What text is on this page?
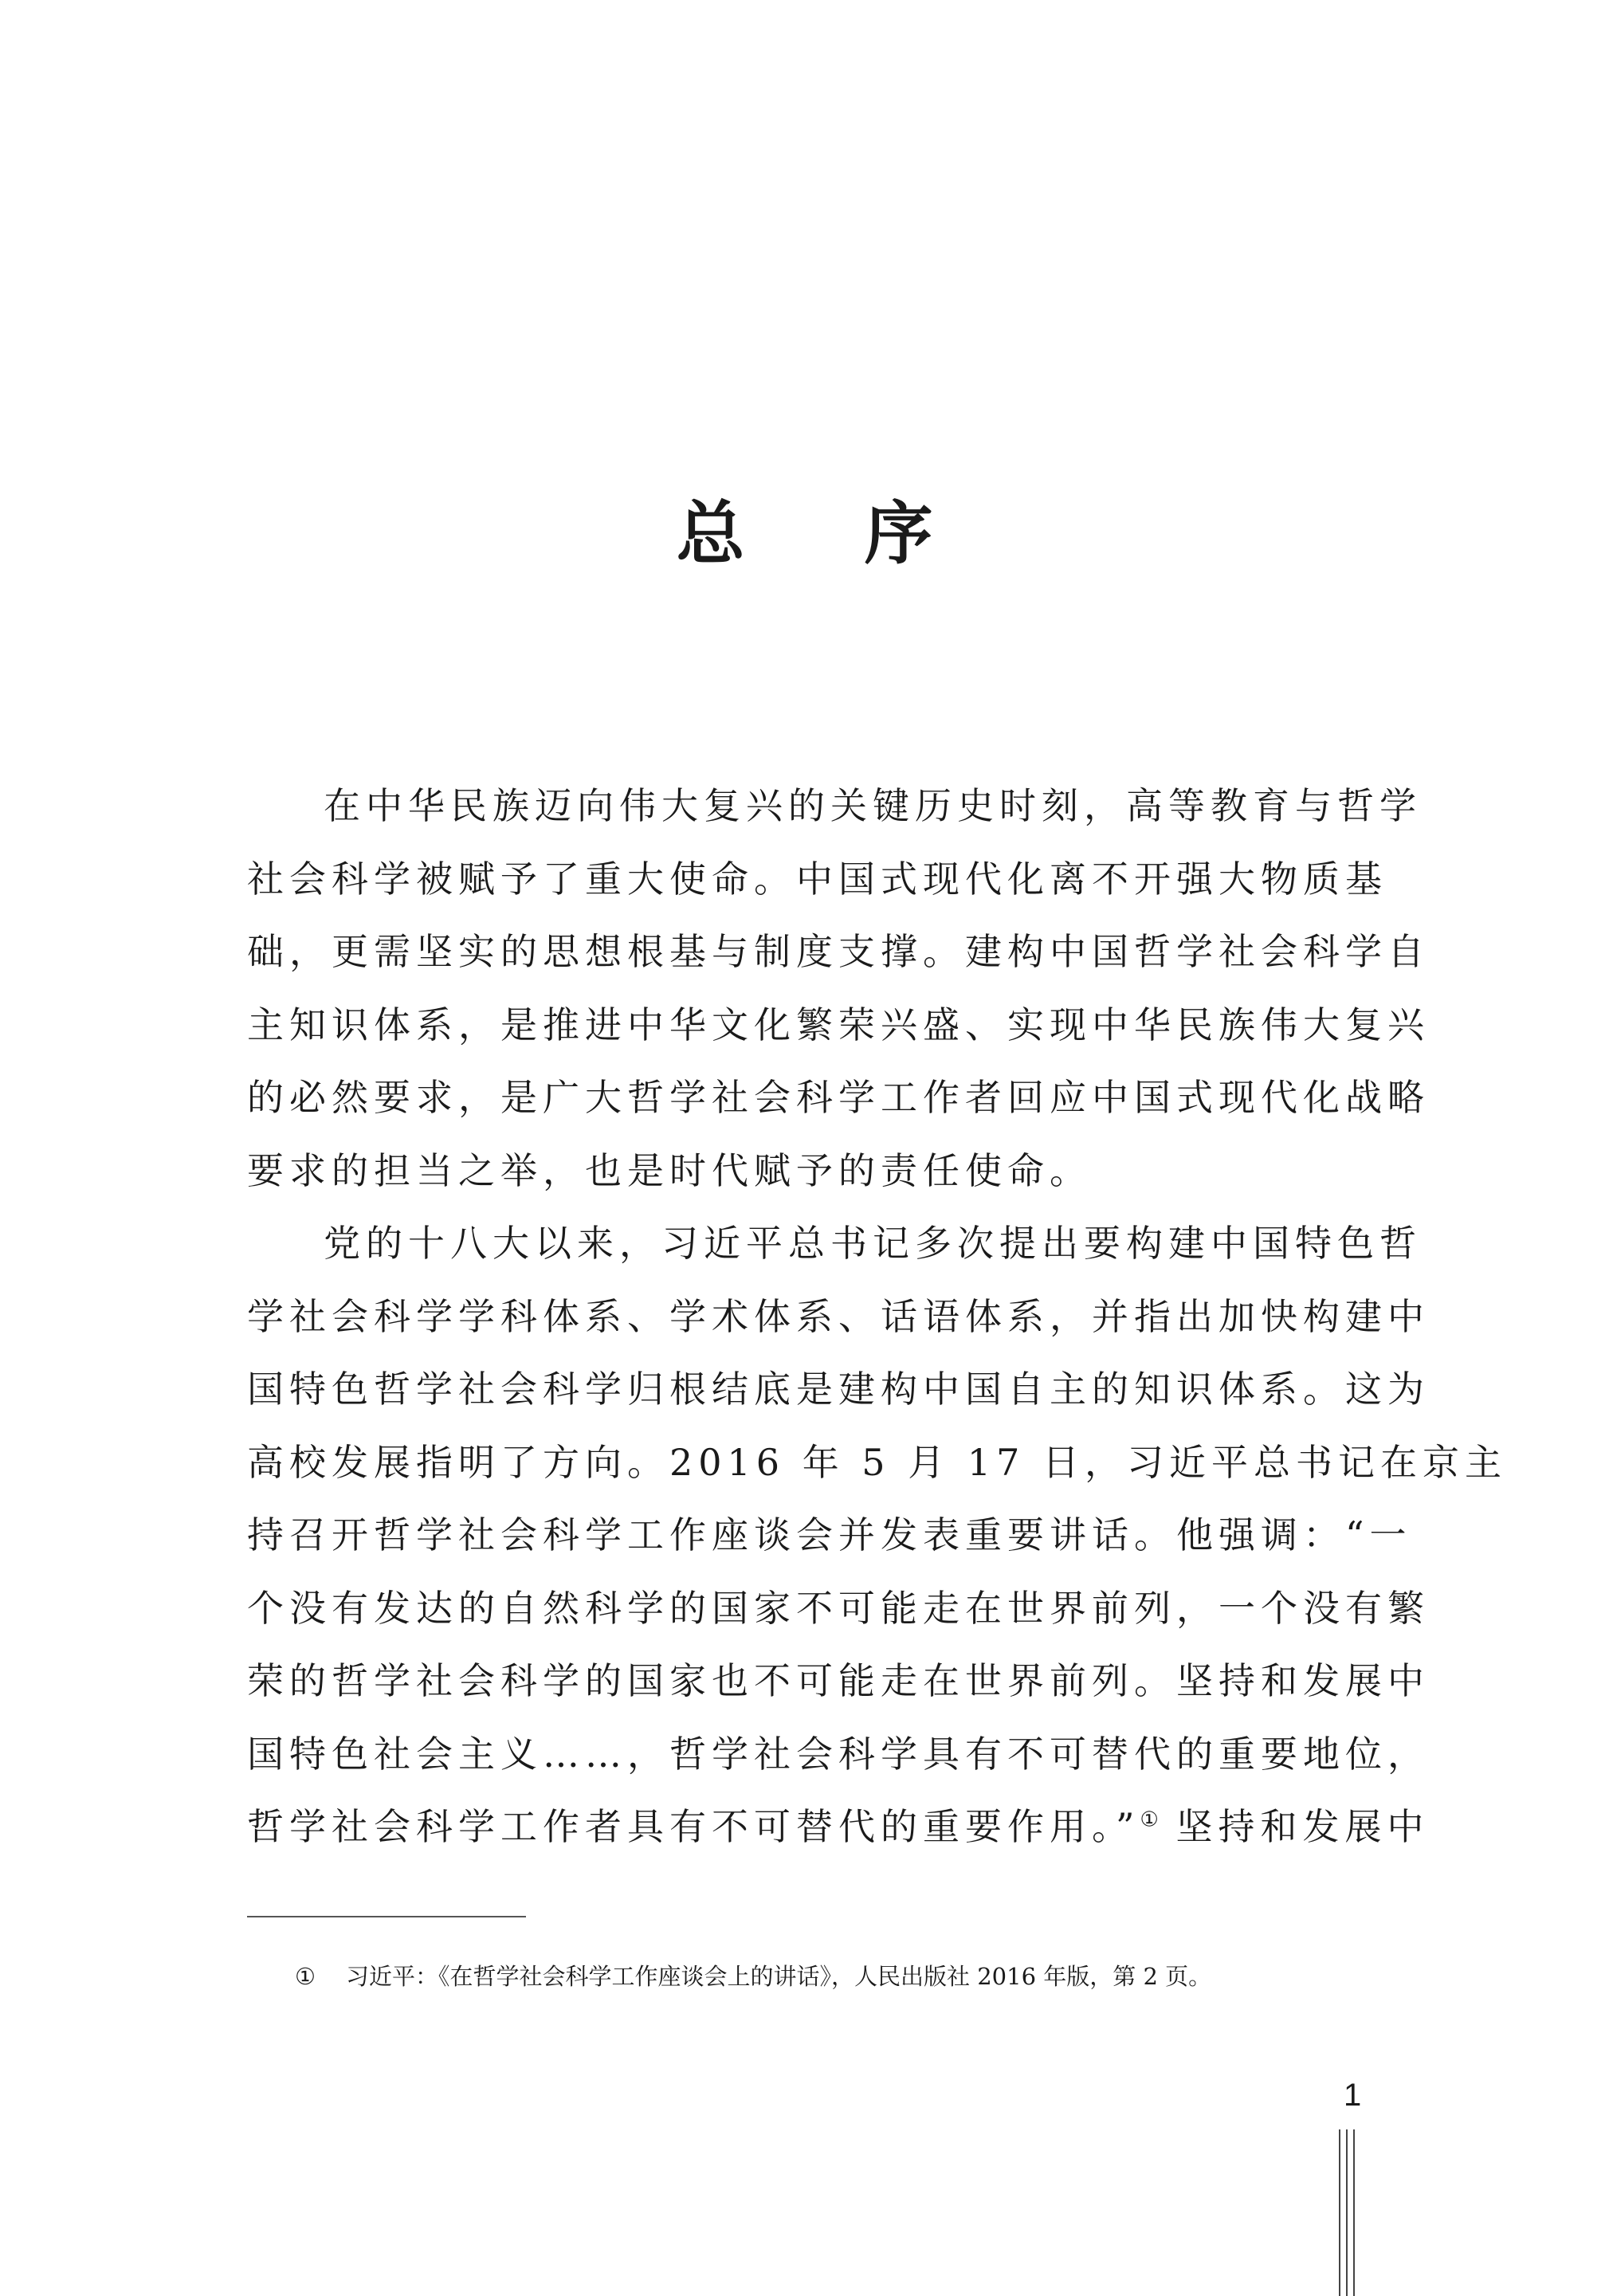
总 序
在中华民族迈向伟大复兴的关键历史时刻，高等教育与哲学
社会科学被赋予了重大使命。中国式现代化离不开强大物质基
础，更需坚实的思想根基与制度支撑。建构中国哲学社会科学自
主知识体系，是推进中华文化繁荣兴盛、实现中华民族伟大复兴
的必然要求，是广大哲学社会科学工作者回应中国式现代化战略
要求的担当之举，也是时代赋予的责任使命。
党的十八大以来，习近平总书记多次提出要构建中国特色哲
学社会科学学科体系、学术体系、话语体系，并指出加快构建中
国特色哲学社会科学归根结底是建构中国自主的知识体系。这为
高校发展指明了方向。2016 年 5 月 17 日，习近平总书记在京主
持召开哲学社会科学工作座谈会并发表重要讲话。他强调：“一
个没有发达的自然科学的国家不可能走在世界前列，一个没有繁
荣的哲学社会科学的国家也不可能走在世界前列。坚持和发展中
国特色社会主义……，哲学社会科学具有不可替代的重要地位，
哲学社会科学工作者具有不可替代的重要作用。”① 坚持和发展中
① 习近平：《在哲学社会科学工作座谈会上的讲话》，人民出版社 2016 年版，第 2 页。
1
